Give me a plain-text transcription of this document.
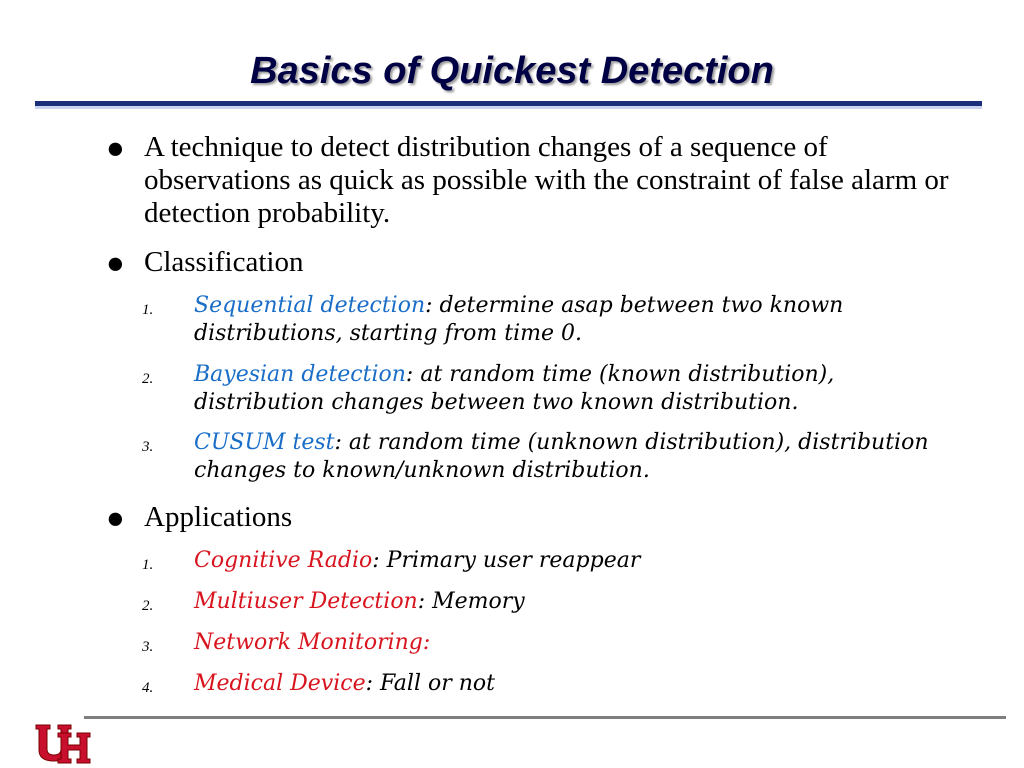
Basics of Quickest Detection
● A technique to detect distribution changes of a sequence of observations as quick as possible with the constraint of false alarm or detection probability.
● Classification
1. Sequential detection: determine asap between two known distributions, starting from time 0.
2. Bayesian detection: at random time (known distribution), distribution changes between two known distribution.
3. CUSUM test: at random time (unknown distribution), distribution changes to known/unknown distribution.
● Applications
1. Cognitive Radio: Primary user reappear
2. Multiuser Detection: Memory
3. Network Monitoring:
4. Medical Device: Fall or not
